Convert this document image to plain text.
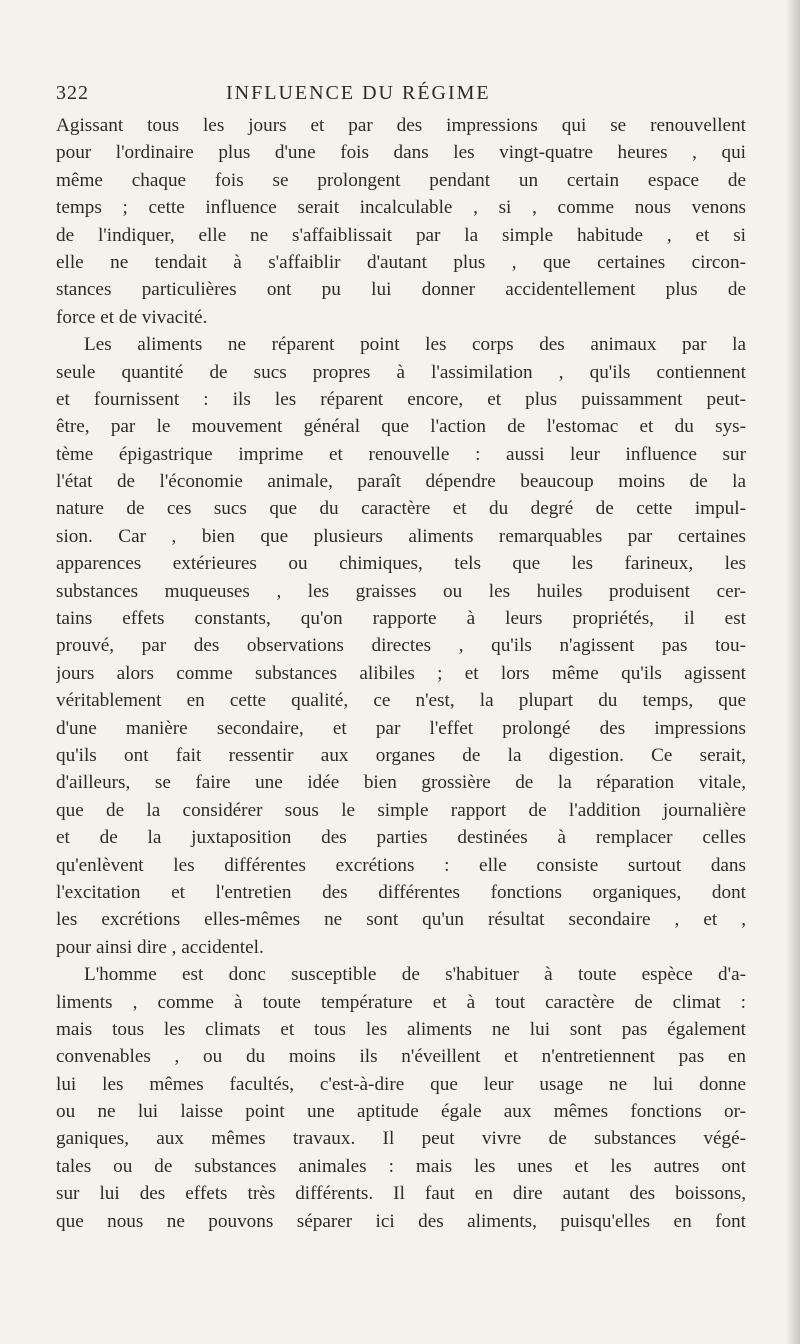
322	INFLUENCE DU RÉGIME
Agissant tous les jours et par des impressions qui se renouvellent
pour l'ordinaire plus d'une fois dans les vingt-quatre heures , qui
même chaque fois se prolongent pendant un certain espace de
temps ; cette influence serait incalculable , si , comme nous venons
de l'indiquer, elle ne s'affaiblissait par la simple habitude , et si
elle ne tendait à s'affaiblir d'autant plus , que certaines circon-
stances particulières ont pu lui donner accidentellement plus de
force et de vivacité.
Les aliments ne réparent point les corps des animaux par la
seule quantité de sucs propres à l'assimilation , qu'ils contiennent
et fournissent : ils les réparent encore, et plus puissamment peut-
être, par le mouvement général que l'action de l'estomac et du sys-
tème épigastrique imprime et renouvelle : aussi leur influence sur
l'état de l'économie animale, paraît dépendre beaucoup moins de la
nature de ces sucs que du caractère et du degré de cette impul-
sion. Car , bien que plusieurs aliments remarquables par certaines
apparences extérieures ou chimiques, tels que les farineux, les
substances muqueuses , les graisses ou les huiles produisent cer-
tains effets constants, qu'on rapporte à leurs propriétés, il est
prouvé, par des observations directes , qu'ils n'agissent pas tou-
jours alors comme substances alibiles ; et lors même qu'ils agissent
véritablement en cette qualité, ce n'est, la plupart du temps, que
d'une manière secondaire, et par l'effet prolongé des impressions
qu'ils ont fait ressentir aux organes de la digestion. Ce serait,
d'ailleurs, se faire une idée bien grossière de la réparation vitale,
que de la considérer sous le simple rapport de l'addition journalière
et de la juxtaposition des parties destinées à remplacer celles
qu'enlèvent les différentes excrétions : elle consiste surtout dans
l'excitation et l'entretien des différentes fonctions organiques, dont
les excrétions elles-mêmes ne sont qu'un résultat secondaire , et ,
pour ainsi dire , accidentel.
L'homme est donc susceptible de s'habituer à toute espèce d'a-
liments , comme à toute température et à tout caractère de climat :
mais tous les climats et tous les aliments ne lui sont pas également
convenables , ou du moins ils n'éveillent et n'entretiennent pas en
lui les mêmes facultés, c'est-à-dire que leur usage ne lui donne
ou ne lui laisse point une aptitude égale aux mêmes fonctions or-
ganiques, aux mêmes travaux. Il peut vivre de substances végé-
tales ou de substances animales : mais les unes et les autres ont
sur lui des effets très différents. Il faut en dire autant des boissons,
que nous ne pouvons séparer ici des aliments, puisqu'elles en font
